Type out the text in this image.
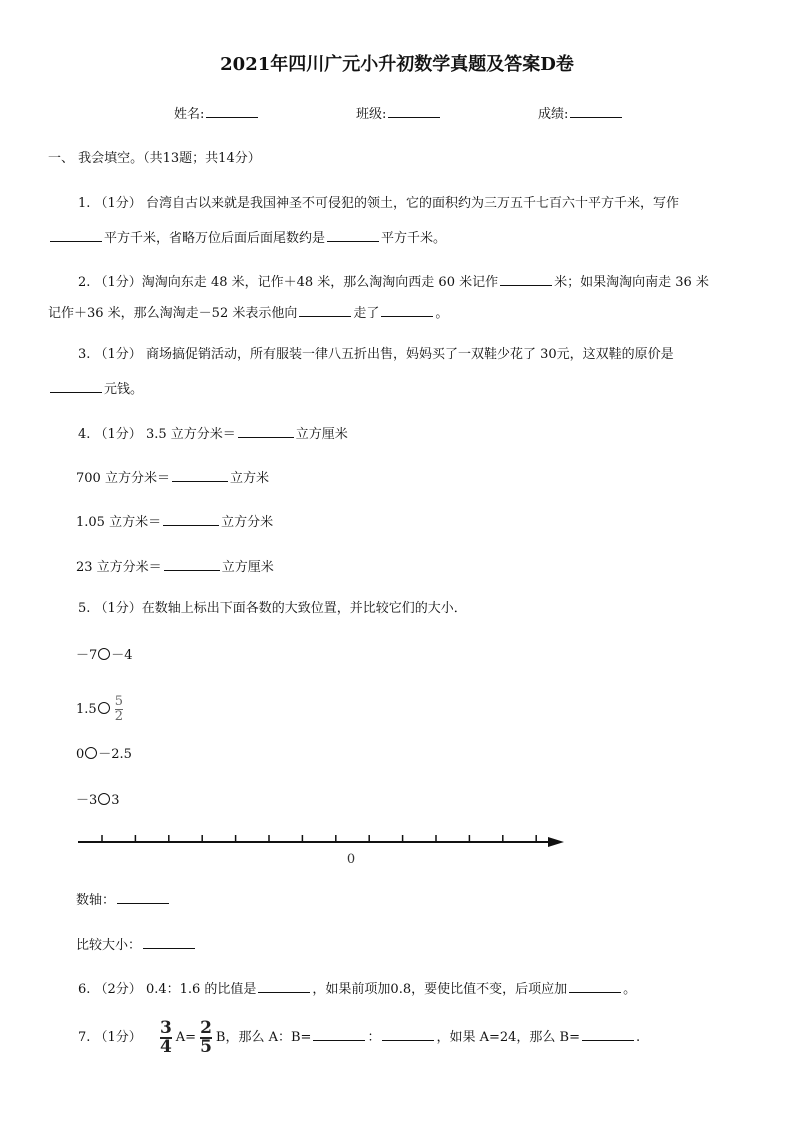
2021年四川广元小升初数学真题及答案D卷
姓名:	班级:	成绩:
一、 我会填空。（共13题；共14分）
1. （1分） 台湾自古以来就是我国神圣不可侵犯的领土，它的面积约为三万五千七百六十平方千米，写作
平方千米，省略万位后面后面尾数约是	平方千米。
2. （1分）淘淘向东走 48 米，记作＋48 米，那么淘淘向西走 60 米记作	米；如果淘淘向南走 36 米
记作＋36 米，那么淘淘走－52 米表示他向	走了	。
3. （1分） 商场搞促销活动，所有服装一律八五折出售，妈妈买了一双鞋少花了 30元，这双鞋的原价是
元钱。
4. （1分） 3.5 立方分米＝	立方厘米
700 立方分米＝	立方米
1.05 立方米＝	立方分米
23 立方分米＝	立方厘米
5. （1分）在数轴上标出下面各数的大致位置，并比较它们的大小．
－7 －4
$1.5 \frac{5}{2}$
0 －2.5
－3 3
0
数轴：
比较大小：
6. （2分） 0.4：1.6 的比值是	，如果前项加0.8，要使比值不变，后项应加	。
7. （1分） $\frac{3}{4} A= \frac{2}{5}$ B，那么 A：B=	：	，如果 A=24，那么 B=	.
